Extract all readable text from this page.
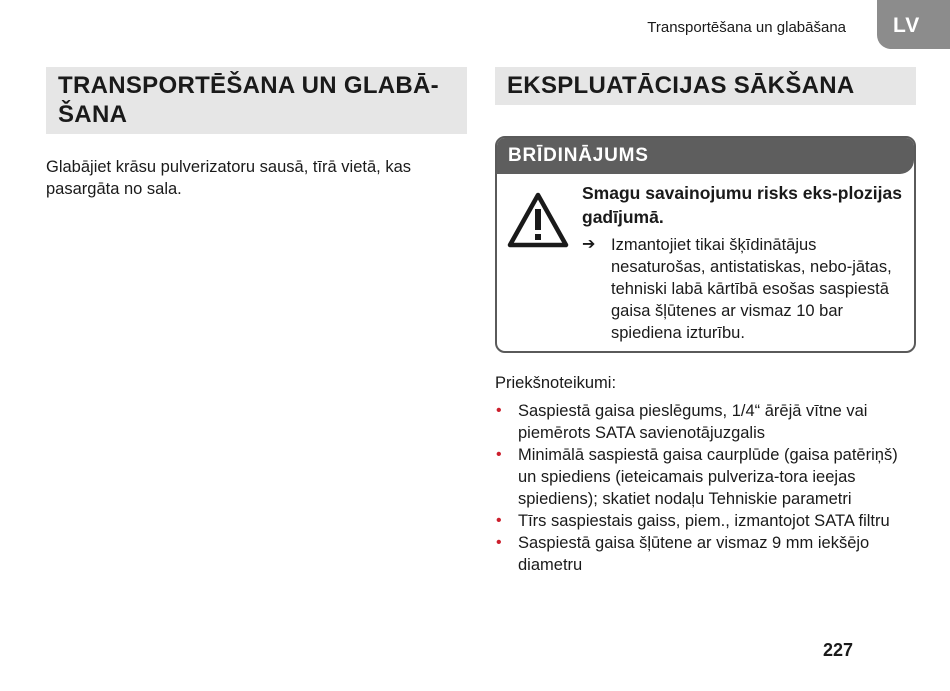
Transportēšana un glabāšana	LV
TRANSPORTĒŠANA UN GLABĀ-
ŠANA
Glabājiet krāsu pulverizatoru sausā, tīrā vietā, kas pasargāta no sala.
EKSPLUATĀCIJAS SĀKŠANA
BRĪDINĀJUMS
Smagu savainojumu risks eks-plozijas gadījumā.
➔ Izmantojiet tikai šķīdinātājus nesaturošas, antistatiskas, nebo-jātas, tehniski labā kārtībā esošas saspiestā gaisa šļūtenes ar vismaz 10 bar spiediena izturību.
Priekšnoteikumi:
• Saspiestā gaisa pieslēgums, 1/4“ ārējā vītne vai piemērots SATA savienotājuzgalis
• Minimālā saspiestā gaisa caurplūde (gaisa patēriņš) un spiediens (ieteicamais pulveriza-tora ieejas spiediens); skatiet nodaļu Tehniskie parametri
• Tīrs saspiestais gaiss, piem., izmantojot SATA filtru
• Saspiestā gaisa šļūtene ar vismaz 9 mm iekšējo diametru
227
